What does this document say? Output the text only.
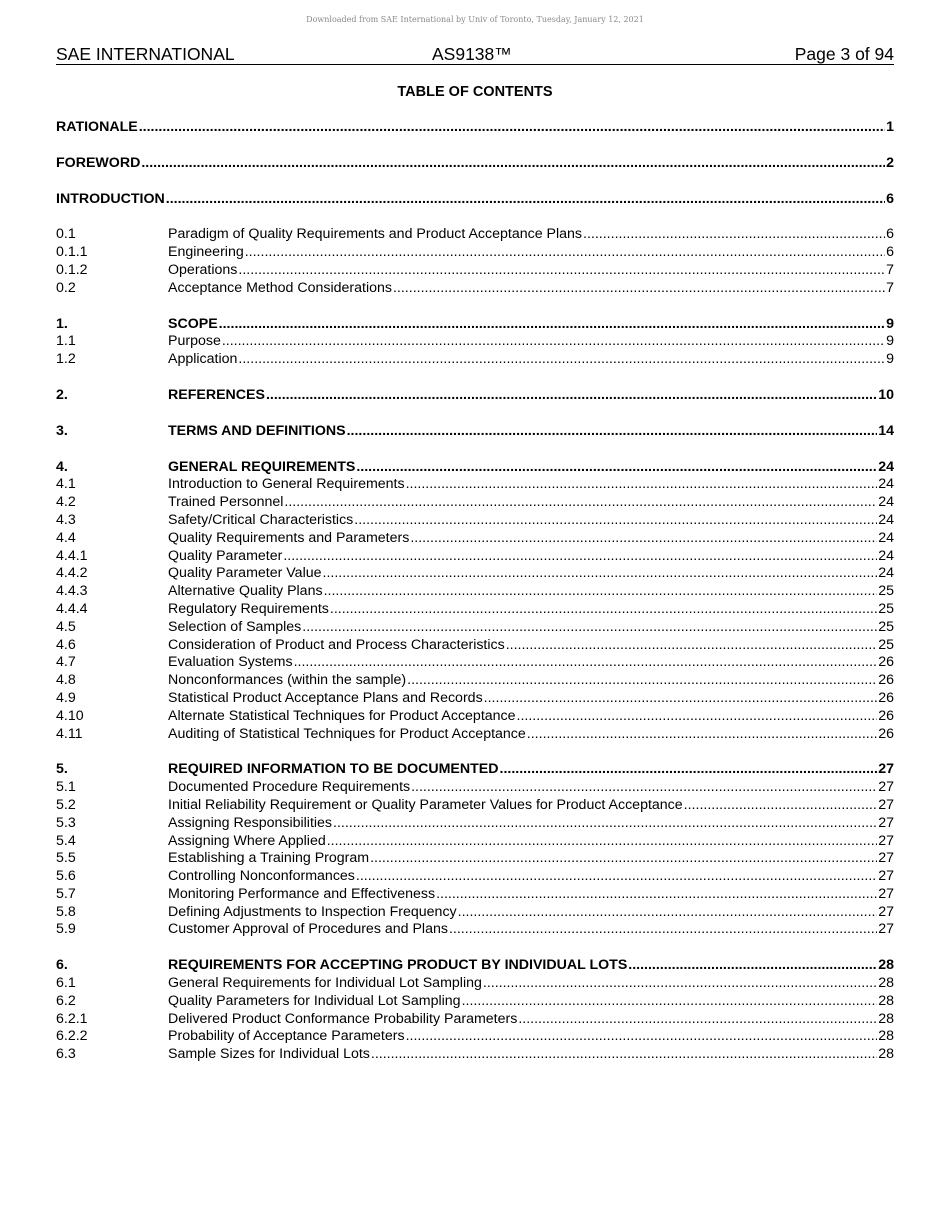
Downloaded from SAE International by Univ of Toronto, Tuesday, January 12, 2021
SAE INTERNATIONAL	AS9138™	Page 3 of 94
TABLE OF CONTENTS
RATIONALE .....	1
FOREWORD .....	2
INTRODUCTION .....	6
0.1	Paradigm of Quality Requirements and Product Acceptance Plans .....	6
0.1.1	Engineering .....	6
0.1.2	Operations .....	7
0.2	Acceptance Method Considerations .....	7
1.	SCOPE .....	9
1.1	Purpose .....	9
1.2	Application .....	9
2.	REFERENCES .....	10
3.	TERMS AND DEFINITIONS .....	14
4.	GENERAL REQUIREMENTS .....	24
4.1	Introduction to General Requirements .....	24
4.2	Trained Personnel .....	24
4.3	Safety/Critical Characteristics .....	24
4.4	Quality Requirements and Parameters .....	24
4.4.1	Quality Parameter .....	24
4.4.2	Quality Parameter Value .....	24
4.4.3	Alternative Quality Plans .....	25
4.4.4	Regulatory Requirements .....	25
4.5	Selection of Samples .....	25
4.6	Consideration of Product and Process Characteristics .....	25
4.7	Evaluation Systems .....	26
4.8	Nonconformances (within the sample) .....	26
4.9	Statistical Product Acceptance Plans and Records .....	26
4.10	Alternate Statistical Techniques for Product Acceptance .....	26
4.11	Auditing of Statistical Techniques for Product Acceptance .....	26
5.	REQUIRED INFORMATION TO BE DOCUMENTED .....	27
5.1	Documented Procedure Requirements .....	27
5.2	Initial Reliability Requirement or Quality Parameter Values for Product Acceptance .....	27
5.3	Assigning Responsibilities .....	27
5.4	Assigning Where Applied .....	27
5.5	Establishing a Training Program .....	27
5.6	Controlling Nonconformances .....	27
5.7	Monitoring Performance and Effectiveness .....	27
5.8	Defining Adjustments to Inspection Frequency .....	27
5.9	Customer Approval of Procedures and Plans .....	27
6.	REQUIREMENTS FOR ACCEPTING PRODUCT BY INDIVIDUAL LOTS .....	28
6.1	General Requirements for Individual Lot Sampling .....	28
6.2	Quality Parameters for Individual Lot Sampling .....	28
6.2.1	Delivered Product Conformance Probability Parameters .....	28
6.2.2	Probability of Acceptance Parameters .....	28
6.3	Sample Sizes for Individual Lots .....	28
